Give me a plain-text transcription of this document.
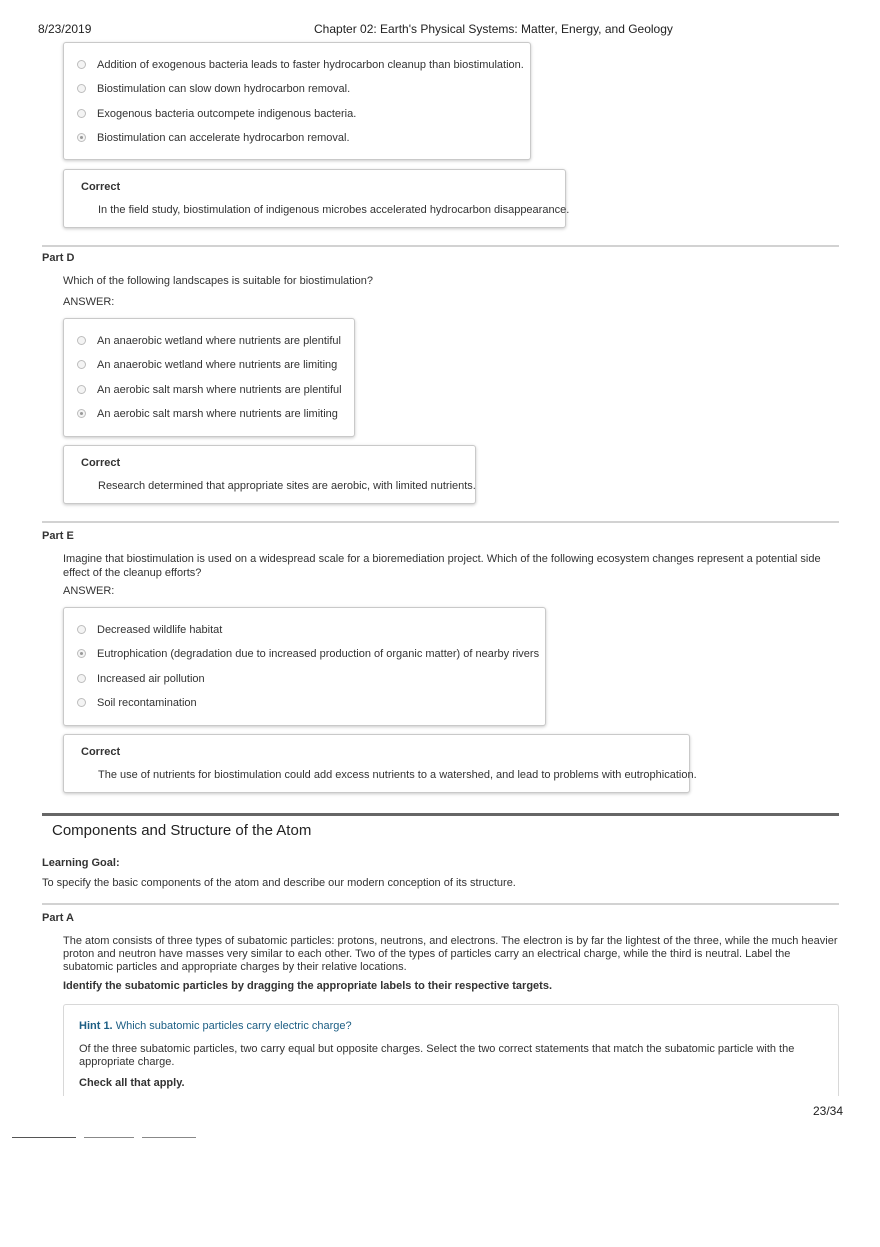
8/23/2019	Chapter 02: Earth's Physical Systems: Matter, Energy, and Geology
Addition of exogenous bacteria leads to faster hydrocarbon cleanup than biostimulation.
Biostimulation can slow down hydrocarbon removal.
Exogenous bacteria outcompete indigenous bacteria.
Biostimulation can accelerate hydrocarbon removal.
Correct
In the field study, biostimulation of indigenous microbes accelerated hydrocarbon disappearance.
Part D
Which of the following landscapes is suitable for biostimulation?
ANSWER:
An anaerobic wetland where nutrients are plentiful
An anaerobic wetland where nutrients are limiting
An aerobic salt marsh where nutrients are plentiful
An aerobic salt marsh where nutrients are limiting
Correct
Research determined that appropriate sites are aerobic, with limited nutrients.
Part E
Imagine that biostimulation is used on a widespread scale for a bioremediation project. Which of the following ecosystem changes represent a potential side effect of the cleanup efforts?
ANSWER:
Decreased wildlife habitat
Eutrophication (degradation due to increased production of organic matter) of nearby rivers
Increased air pollution
Soil recontamination
Correct
The use of nutrients for biostimulation could add excess nutrients to a watershed, and lead to problems with eutrophication.
Components and Structure of the Atom
Learning Goal:
To specify the basic components of the atom and describe our modern conception of its structure.
Part A
The atom consists of three types of subatomic particles: protons, neutrons, and electrons. The electron is by far the lightest of the three, while the much heavier proton and neutron have masses very similar to each other. Two of the types of particles carry an electrical charge, while the third is neutral. Label the subatomic particles and appropriate charges by their relative locations.
Identify the subatomic particles by dragging the appropriate labels to their respective targets.
Hint 1. Which subatomic particles carry electric charge?
Of the three subatomic particles, two carry equal but opposite charges. Select the two correct statements that match the subatomic particle with the appropriate charge.
Check all that apply.
23/34
